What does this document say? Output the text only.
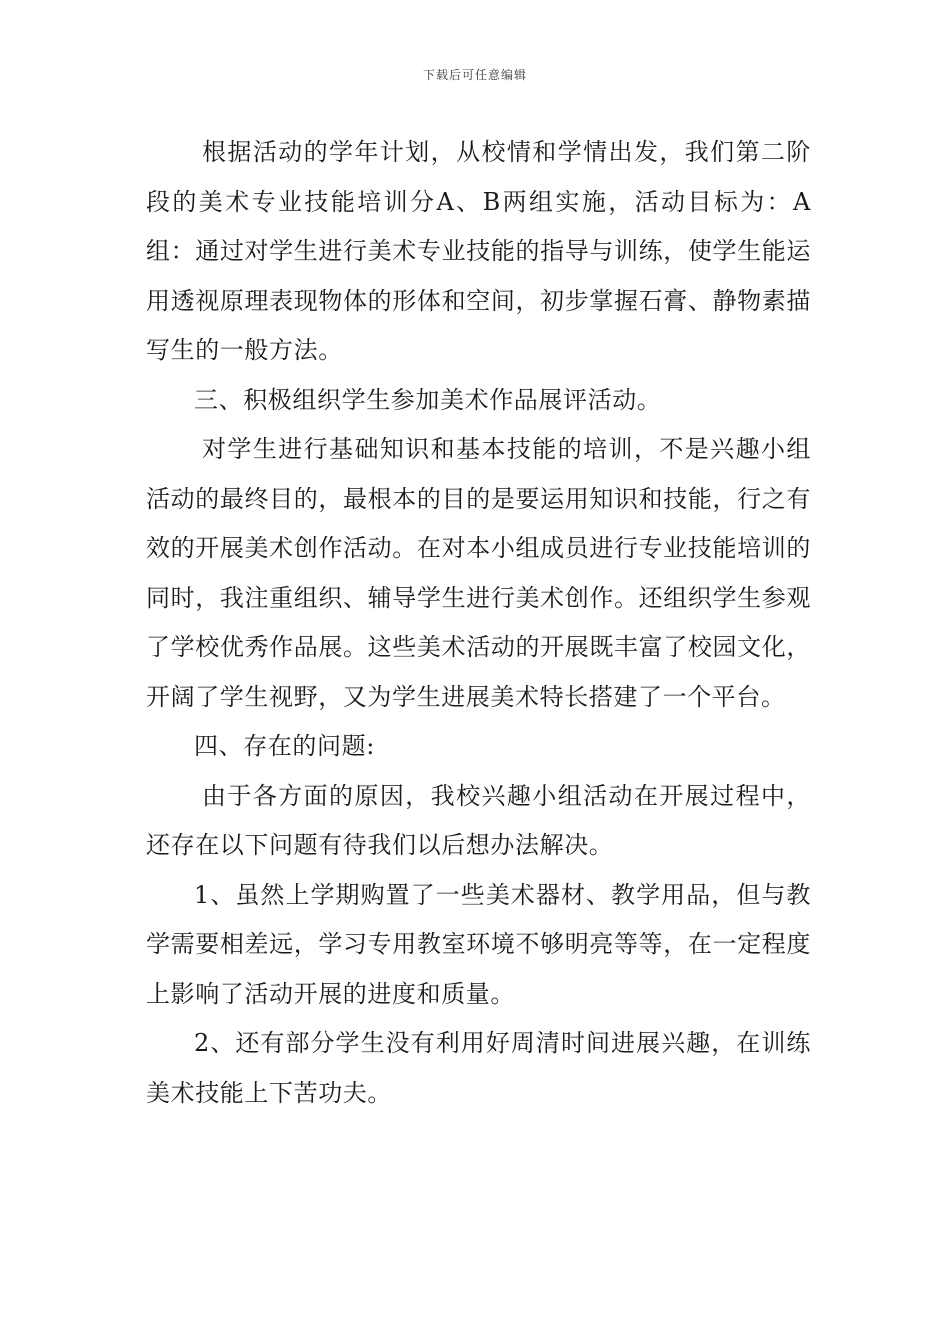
下载后可任意编辑

根据活动的学年计划，从校情和学情出发，我们第二阶段的美术专业技能培训分A、B两组实施，活动目标为：A组：通过对学生进行美术专业技能的指导与训练，使学生能运用透视原理表现物体的形体和空间，初步掌握石膏、静物素描写生的一般方法。

三、积极组织学生参加美术作品展评活动。

对学生进行基础知识和基本技能的培训，不是兴趣小组活动的最终目的，最根本的目的是要运用知识和技能，行之有效的开展美术创作活动。在对本小组成员进行专业技能培训的同时，我注重组织、辅导学生进行美术创作。还组织学生参观了学校优秀作品展。这些美术活动的开展既丰富了校园文化，开阔了学生视野，又为学生进展美术特长搭建了一个平台。

四、存在的问题:

由于各方面的原因，我校兴趣小组活动在开展过程中，还存在以下问题有待我们以后想办法解决。

1、虽然上学期购置了一些美术器材、教学用品，但与教学需要相差远，学习专用教室环境不够明亮等等，在一定程度上影响了活动开展的进度和质量。

2、还有部分学生没有利用好周清时间进展兴趣，在训练美术技能上下苦功夫。
